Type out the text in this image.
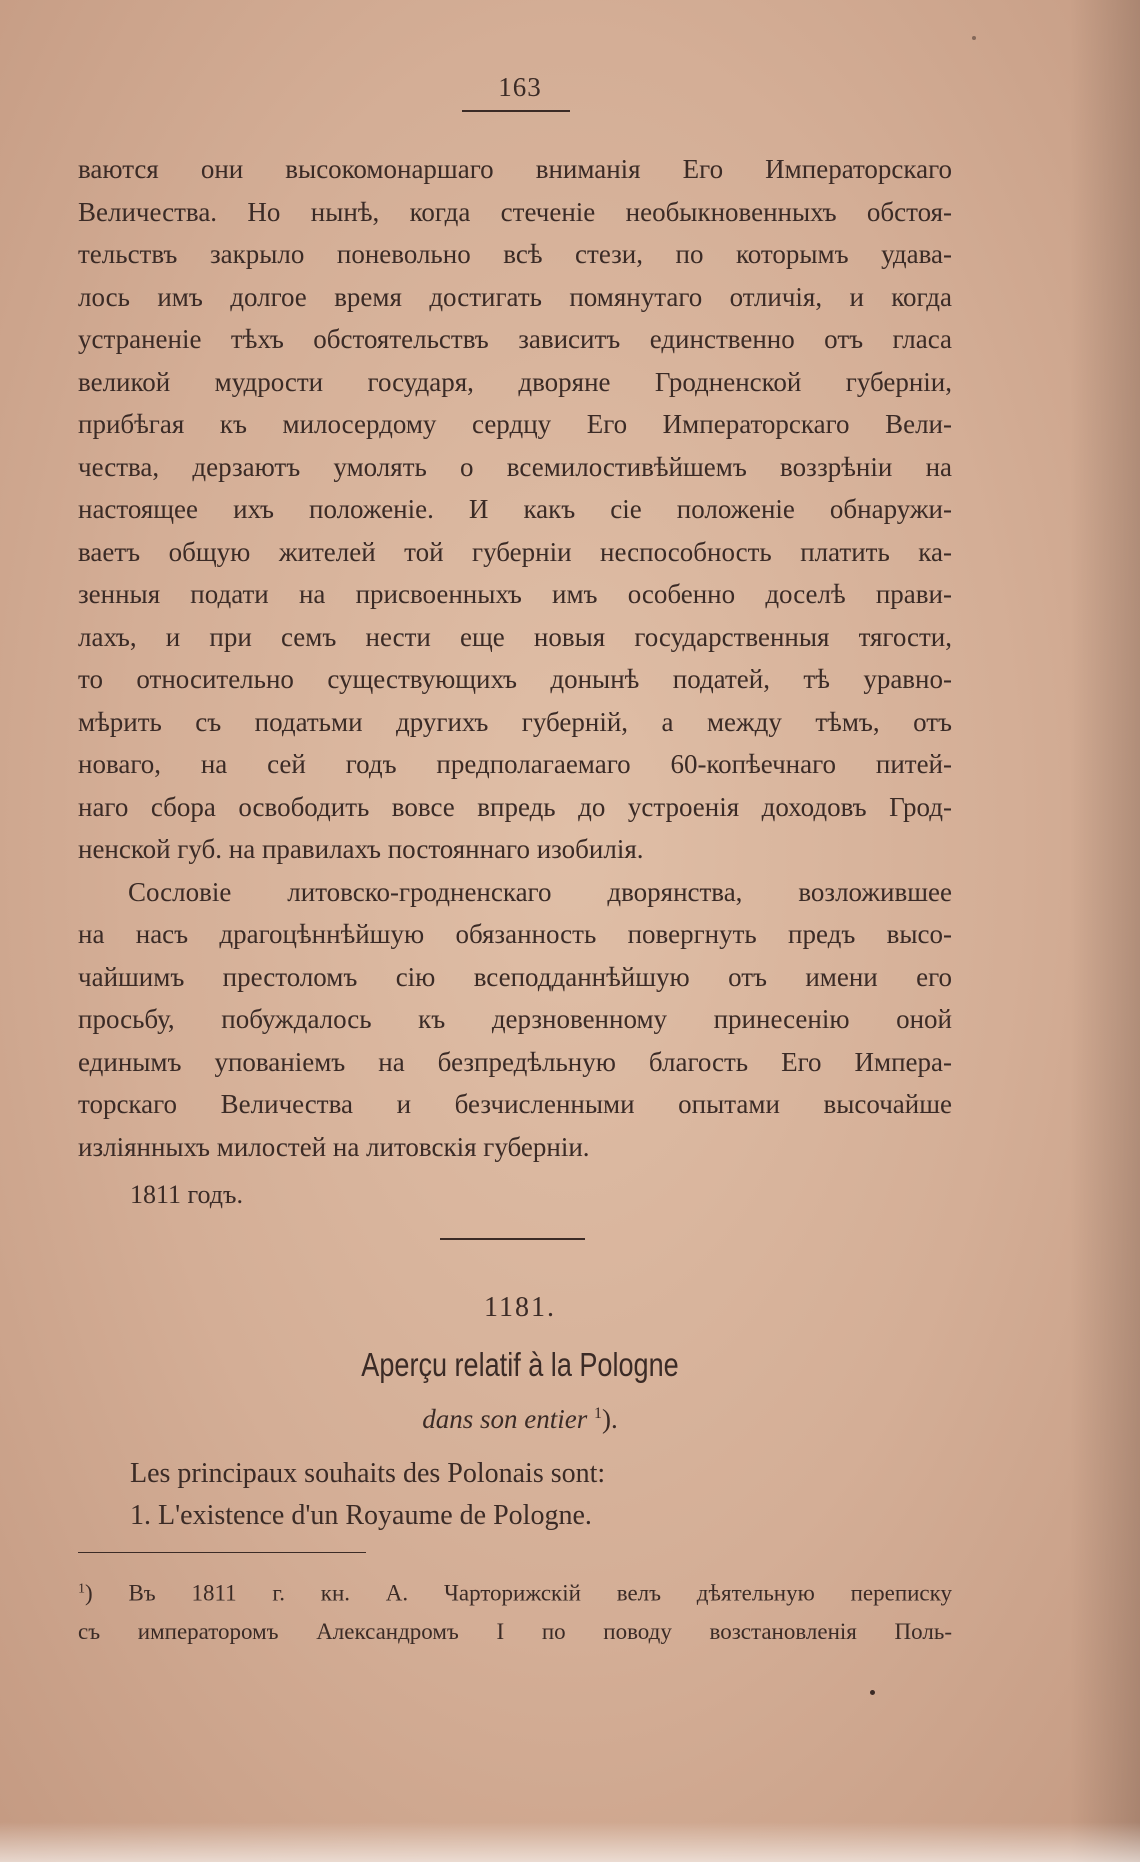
163
ваются они высокомонаршаго вниманія Его Императорскаго
Величества. Но нынѣ, когда стеченіе необыкновенныхъ обстоя-
тельствъ закрыло поневольно всѣ стези, по которымъ удава-
лось имъ долгое время достигать помянутаго отличія, и когда
устраненіе тѣхъ обстоятельствъ зависитъ единственно отъ гласа
великой мудрости государя, дворяне Гродненской губерніи,
прибѣгая къ милосердому сердцу Его Императорскаго Вели-
чества, дерзаютъ умолять о всемилостивѣйшемъ воззрѣніи на
настоящее ихъ положеніе. И какъ сіе положеніе обнаружи-
ваетъ общую жителей той губерніи неспособность платить ка-
зенныя подати на присвоенныхъ имъ особенно доселѣ прави-
лахъ, и при семъ нести еще новыя государственныя тягости,
то относительно существующихъ донынѣ податей, тѣ уравно-
мѣрить съ податьми другихъ губерній, а между тѣмъ, отъ
новаго, на сей годъ предполагаемаго 60-копѣечнаго питей-
наго сбора освободить вовсе впредь до устроенія доходовъ Грод-
ненской губ. на правилахъ постояннаго изобилія.
Сословіе литовско-гродненскаго дворянства, возложившее
на насъ драгоцѣннѣйшую обязанность повергнуть предъ высо-
чайшимъ престоломъ сію всеподданнѣйшую отъ имени его
просьбу, побуждалось къ дерзновенному принесенію оной
единымъ упованіемъ на безпредѣльную благость Его Импера-
торскаго Величества и безчисленными опытами высочайше
изліянныхъ милостей на литовскія губерніи.
1811 годъ.
1181.
Aperçu relatif à la Pologne
dans son entier $^1$).
Les principaux souhaits des Polonais sont:
1. L'existence d'un Royaume de Pologne.
$^1$) Въ 1811 г. кн. А. Чарторижскій велъ дѣятельную переписку
съ императоромъ Александромъ I по поводу возстановленія Поль-
